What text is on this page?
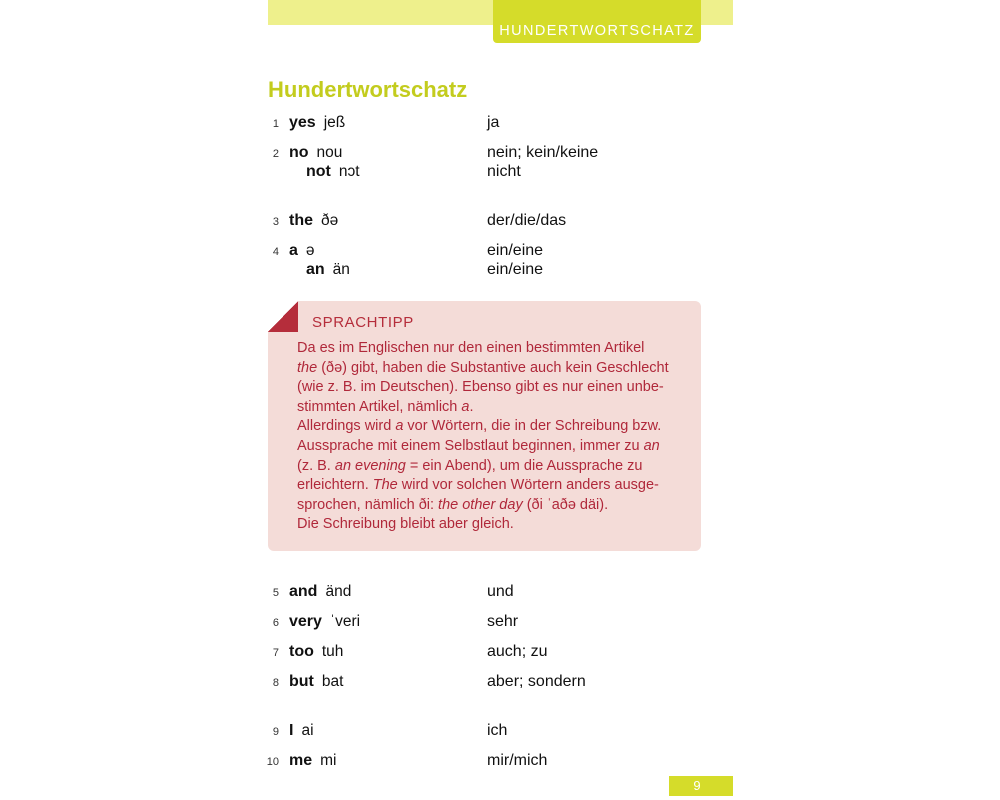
HUNDERTWORTSCHATZ
Hundertwortschatz
1 yes jeß	ja
2 no nou	nein; kein/keine
not nɔt	nicht
3 the ðə	der/die/das
4 a ə	ein/eine
an än	ein/eine
SPRACHTIPP

Da es im Englischen nur den einen bestimmten Artikel

the (ðə) gibt, haben die Substantive auch kein Geschlecht

(wie z. B. im Deutschen). Ebenso gibt es nur einen unbe-

stimmten Artikel, nämlich a.

Allerdings wird a vor Wörtern, die in der Schreibung bzw.

Aussprache mit einem Selbstlaut beginnen, immer zu an

(z. B. an evening = ein Abend), um die Aussprache zu

erleichtern. The wird vor solchen Wörtern anders ausge-

sprochen, nämlich ði: the other day (ði ˈaðə däi).

Die Schreibung bleibt aber gleich.

5 and änd	und
6 very ˈveri	sehr
7 too tuh	auch; zu
8 but bat	aber; sondern
9 I ai	ich
10 me mi	mir/mich
9
